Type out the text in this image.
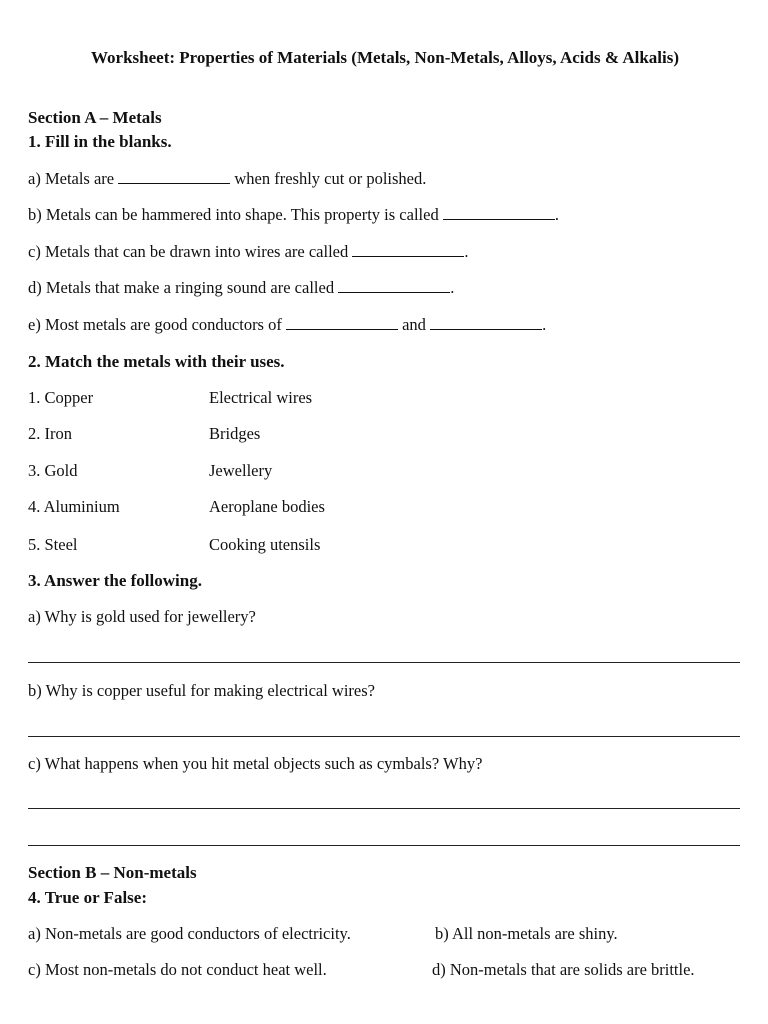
Worksheet: Properties of Materials (Metals, Non-Metals, Alloys, Acids & Alkalis)
Section A – Metals
1. Fill in the blanks.
a) Metals are	when freshly cut or polished.
b) Metals can be hammered into shape. This property is called	.
c) Metals that can be drawn into wires are called	.
d) Metals that make a ringing sound are called	.
e) Most metals are good conductors of	and	.
2. Match the metals with their uses.
1. Copper	Electrical wires
2. Iron	Bridges
3. Gold	Jewellery
4. Aluminium	Aeroplane bodies
5. Steel	Cooking utensils
3. Answer the following.
a) Why is gold used for jewellery?
b) Why is copper useful for making electrical wires?
c) What happens when you hit metal objects such as cymbals? Why?
Section B – Non-metals
4. True or False:
a) Non-metals are good conductors of electricity.	b) All non-metals are shiny.
c) Most non-metals do not conduct heat well.	d) Non-metals that are solids are brittle.
